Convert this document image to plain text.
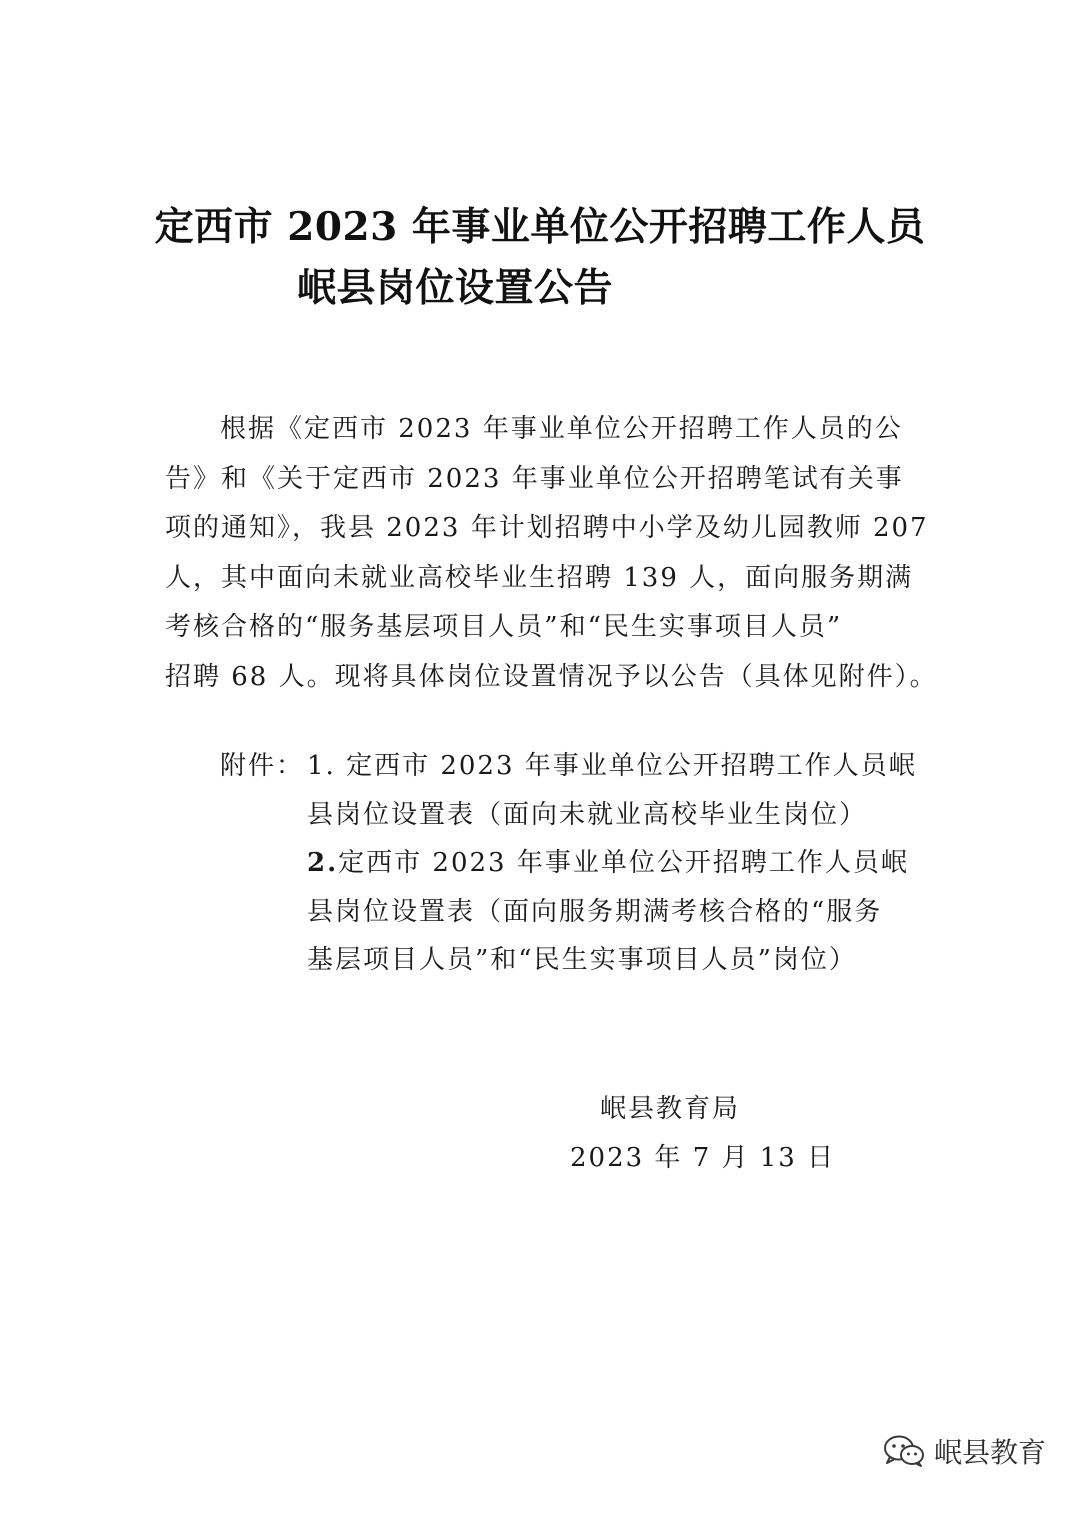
定西市 2023 年事业单位公开招聘工作人员
岷县岗位设置公告
根据《定西市 2023 年事业单位公开招聘工作人员的公
告》和《关于定西市 2023 年事业单位公开招聘笔试有关事
项的通知》，我县 2023 年计划招聘中小学及幼儿园教师 207
人，其中面向未就业高校毕业生招聘 139 人，面向服务期满
考核合格的“服务基层项目人员”和“民生实事项目人员”
招聘 68 人。现将具体岗位设置情况予以公告（具体见附件）。
附件： 1. 定西市 2023 年事业单位公开招聘工作人员岷
县岗位设置表（面向未就业高校毕业生岗位）
2.定西市 2023 年事业单位公开招聘工作人员岷
县岗位设置表（面向服务期满考核合格的“服务
基层项目人员”和“民生实事项目人员”岗位）
岷县教育局
2023 年 7 月 13 日
岷县教育
